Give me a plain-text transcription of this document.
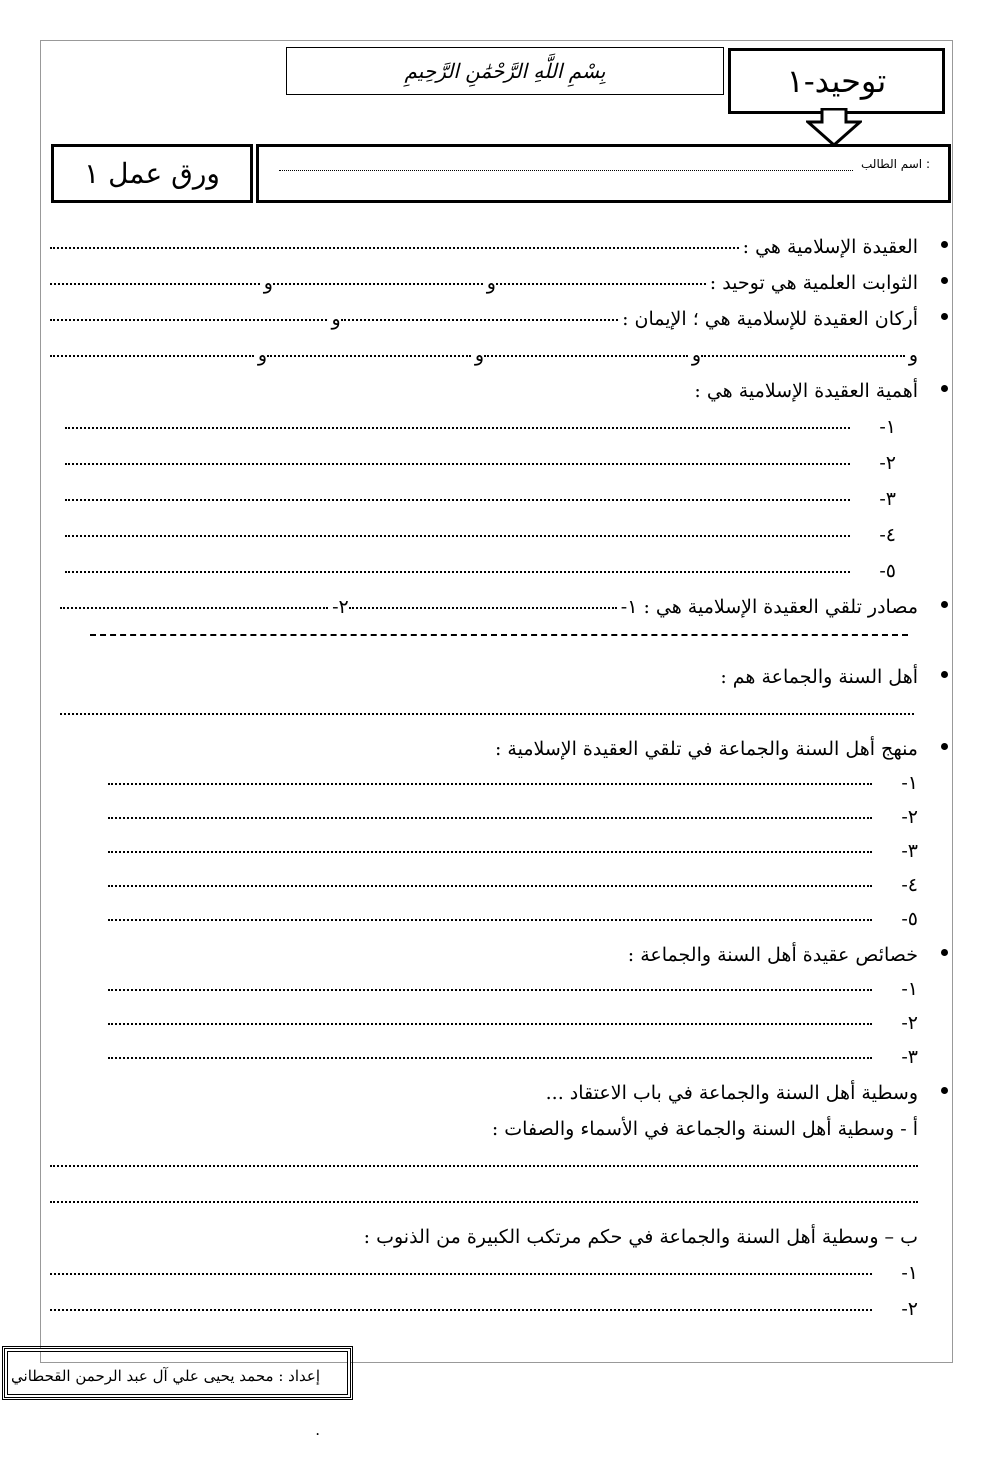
بِسْمِ اللَّهِ الرَّحْمَٰنِ الرَّحِيمِ	توحيد-١
ورق عمل ١	اسم الطالب :
العقيدة الإسلامية هي :
الثوابت العلمية هي توحيد :
و
و
أركان العقيدة للإسلامية هي ؛ الإيمان :
و
و
و
و
و
أهمية العقيدة الإسلامية هي :
١-
٢-
٣-
٤-
٥-
مصادر تلقي العقيدة الإسلامية هي : ١-
٢-
أهل السنة والجماعة هم :
منهج أهل السنة والجماعة في تلقي العقيدة الإسلامية :
١-
٢-
٣-
٤-
٥-
خصائص عقيدة أهل السنة والجماعة :
١-
٢-
٣-
وسطية أهل السنة والجماعة في باب الاعتقاد ...
أ - وسطية أهل السنة والجماعة في الأسماء والصفات :
ب – وسطية أهل السنة والجماعة في حكم مرتكب الكبيرة من الذنوب :
١-
٢-
إعداد : محمد يحيى علي آل عبد الرحمن القحطاني .
